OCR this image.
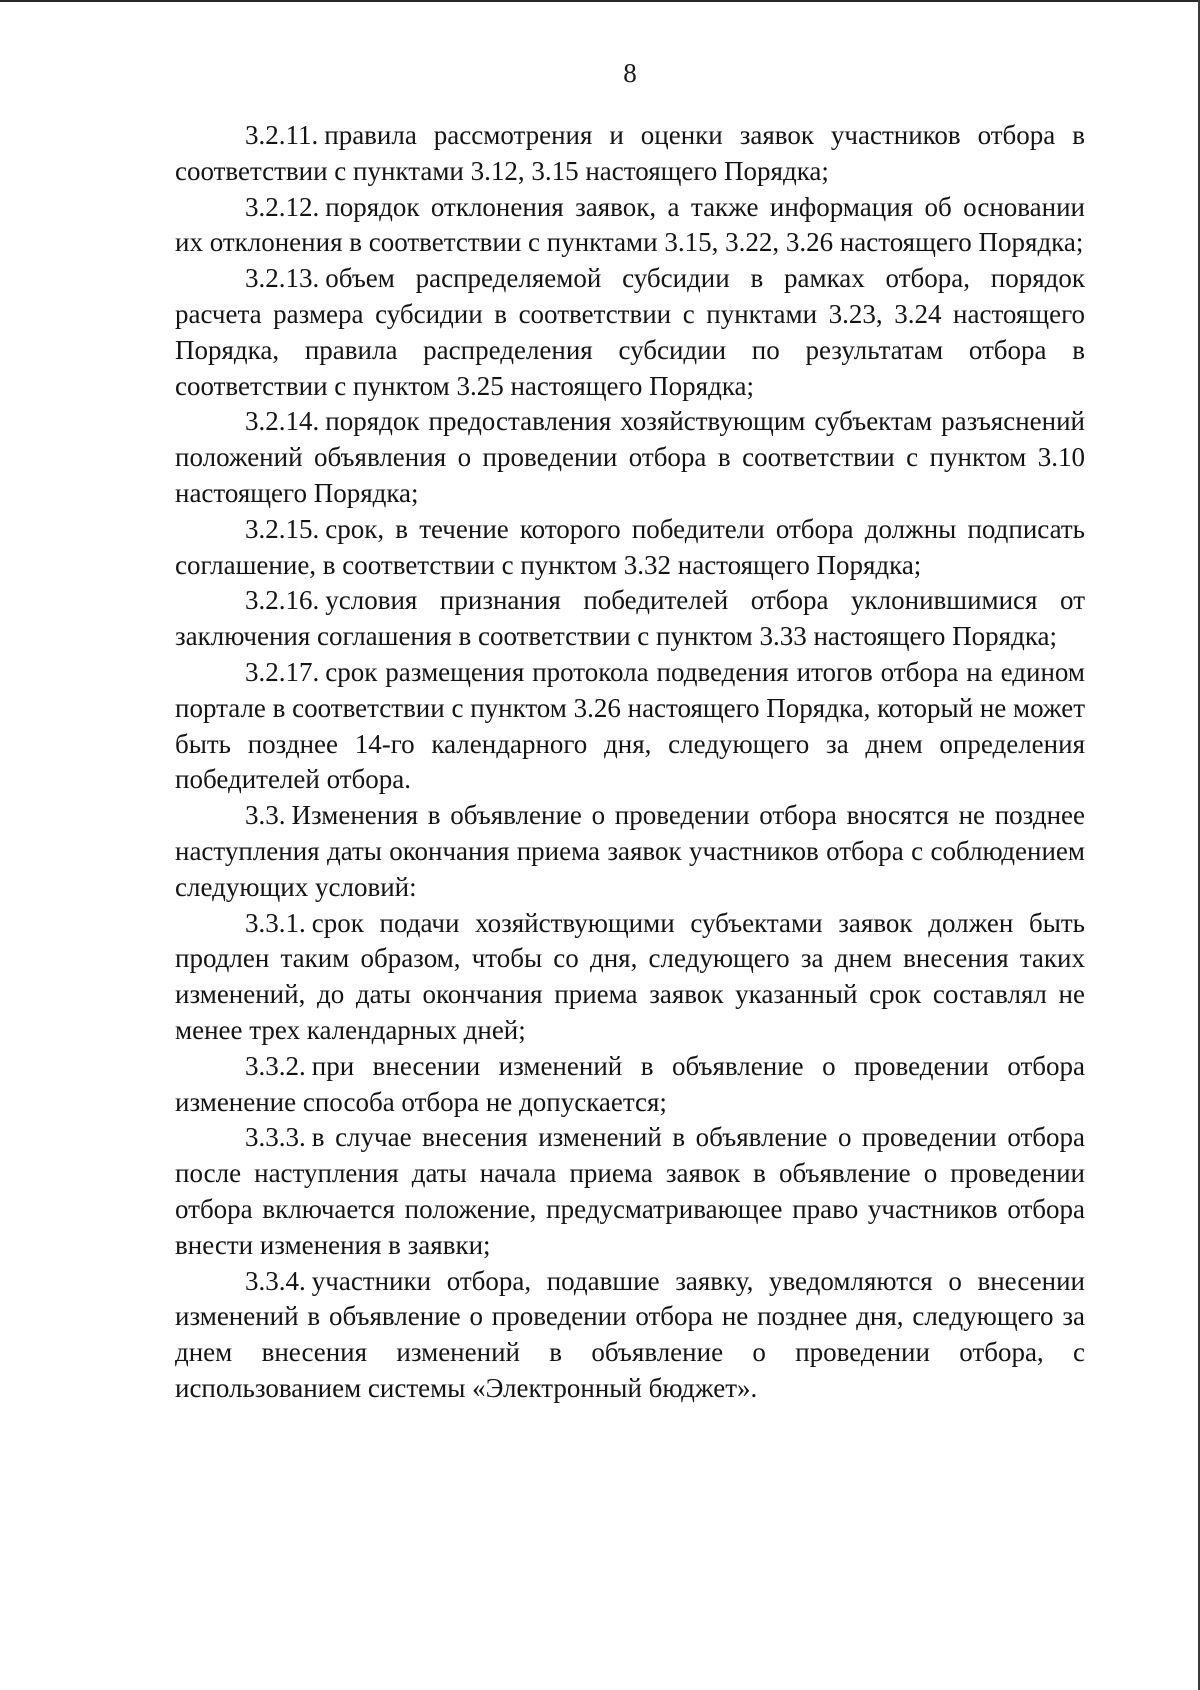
8

3.2.11. правила рассмотрения и оценки заявок участников отбора в соответствии с пунктами 3.12, 3.15 настоящего Порядка;

3.2.12. порядок отклонения заявок, а также информация об основании их отклонения в соответствии с пунктами 3.15, 3.22, 3.26 настоящего Порядка;

3.2.13. объем распределяемой субсидии в рамках отбора, порядок расчета размера субсидии в соответствии с пунктами 3.23, 3.24 настоящего Порядка, правила распределения субсидии по результатам отбора в соответствии с пунктом 3.25 настоящего Порядка;

3.2.14. порядок предоставления хозяйствующим субъектам разъяснений положений объявления о проведении отбора в соответствии с пунктом 3.10 настоящего Порядка;

3.2.15. срок, в течение которого победители отбора должны подписать соглашение, в соответствии с пунктом 3.32 настоящего Порядка;

3.2.16. условия признания победителей отбора уклонившимися от заключения соглашения в соответствии с пунктом 3.33 настоящего Порядка;

3.2.17. срок размещения протокола подведения итогов отбора на едином портале в соответствии с пунктом 3.26 настоящего Порядка, который не может быть позднее 14-го календарного дня, следующего за днем определения победителей отбора.

3.3. Изменения в объявление о проведении отбора вносятся не позднее наступления даты окончания приема заявок участников отбора с соблюдением следующих условий:

3.3.1. срок подачи хозяйствующими субъектами заявок должен быть продлен таким образом, чтобы со дня, следующего за днем внесения таких изменений, до даты окончания приема заявок указанный срок составлял не менее трех календарных дней;

3.3.2. при внесении изменений в объявление о проведении отбора изменение способа отбора не допускается;

3.3.3. в случае внесения изменений в объявление о проведении отбора после наступления даты начала приема заявок в объявление о проведении отбора включается положение, предусматривающее право участников отбора внести изменения в заявки;

3.3.4. участники отбора, подавшие заявку, уведомляются о внесении изменений в объявление о проведении отбора не позднее дня, следующего за днем внесения изменений в объявление о проведении отбора, с использованием системы «Электронный бюджет».
